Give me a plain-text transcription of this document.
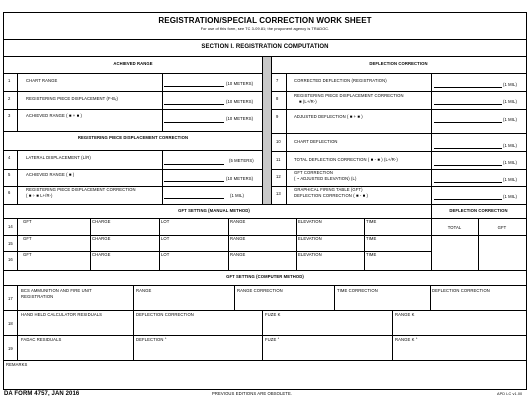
REGISTRATION/SPECIAL CORRECTION WORK SHEET
For use of this form, see TC 3-09.81; the proponent agency is TRADOC.
SECTION I. REGISTRATION COMPUTATION
ACHIEVED RANGE	DEFLECTION CORRECTION
1	CHART RANGE
(10 METERS)
2	REGISTERING PIECE DISPLACEMENT (F-Bₓ)
(10 METERS)
3	ACHIEVED RANGE ( ■ + ■ )
(10 METERS)
REGISTERING PIECE DISPLACEMENT CORRECTION
4	LATERAL DISPLACEMENT (L/R)
(5 METERS)
5	ACHIEVED RANGE ( ■ )
(10 METERS)
6
REGISTERING PIECE DISPLACEMENT CORRECTION
( ■ ÷ ■ L+/R-)	(1 MIL)
7	CORRECTED DEFLECTION (REGISTRATION)
(1 MIL)
8
REGISTERING PIECE DISPLACEMENT CORRECTION
■ (L+/R-)	(1 MIL)
9	ADJUSTED DEFLECTION ( ■ + ■ )
(1 MIL)
10	CHART DEFLECTION
(1 MIL)
11	TOTAL DEFLECTION CORRECTION ( ■ - ■ ) (L+/R-)
(1 MIL)
12
GFT CORRECTION
( ~ ADJUSTED ELEVATION) (L)	(1 MIL)
13
GRAPHICAL FIRING TABLE (GFT)
DEFLECTION CORRECTION ( ■ - ■ )	(1 MIL)
GFT SETTING (MANUAL METHOD)	DEFLECTION CORRECTION
TOTAL	GFT
14
GFT	CHARGE	LOT	RANGE	ELEVATION	TIME
15
GFT	CHARGE	LOT	RANGE	ELEVATION	TIME
16
GFT	CHARGE	LOT	RANGE	ELEVATION	TIME
GFT SETTING (COMPUTER METHOD)
17
BCS AMMUNITION AND FIRE UNIT
REGISTRATION
RANGE	RANGE CORRECTION	TIME CORRECTION	DEFLECTION CORRECTION
18
HAND HELD CALCULATOR RESIDUALS	DEFLECTION CORRECTION	FUZE K	RANGE K
19
FADAC RESIDUALS	DEFLECTION °	FUZE °	RANGE K °
REMARKS
DA FORM 4757, JAN 2016	PREVIOUS EDITIONS ARE OBSOLETE.	APD LC v1.00
